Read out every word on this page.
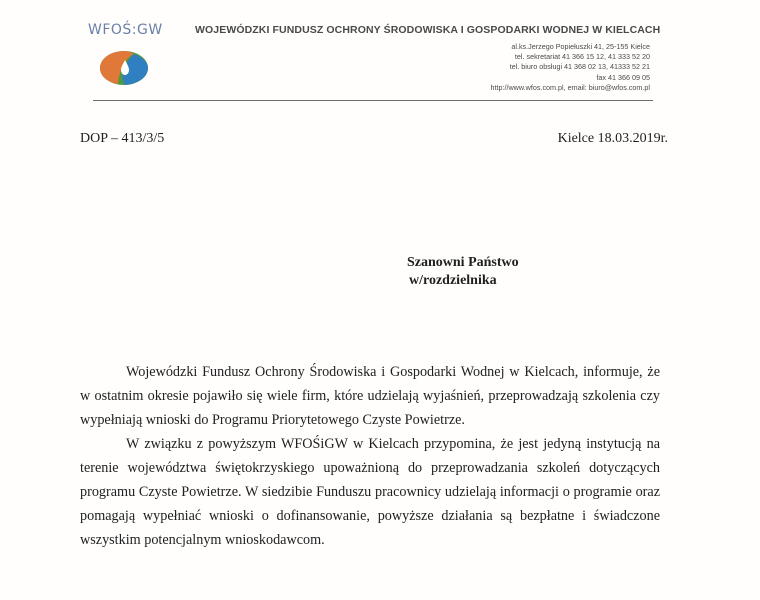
WFOŚ:GW	WOJEWÓDZKI FUNDUSZ OCHRONY ŚRODOWISKA I GOSPODARKI WODNEJ W KIELCACH
al.ks.Jerzego Popiełuszki 41, 25-155 Kielce
tel. sekretariat 41 366 15 12, 41 333 52 20
tel. biuro obsługi 41 368 02 13, 41333 52 21
fax 41 366 09 05
http://www.wfos.com.pl, email: biuro@wfos.com.pl
DOP – 413/3/5	Kielce 18.03.2019r.
Szanowni Państwo
w/rozdzielnika

Wojewódzki Fundusz Ochrony Środowiska i Gospodarki Wodnej w Kielcach, informuje, że w ostatnim okresie pojawiło się wiele firm, które udzielają wyjaśnień, przeprowadzają szkolenia czy wypełniają wnioski do Programu Priorytetowego Czyste Powietrze.

W związku z powyższym WFOŚiGW w Kielcach przypomina, że jest jedyną instytucją na terenie województwa świętokrzyskiego upoważnioną do przeprowadzania szkoleń dotyczących programu Czyste Powietrze. W siedzibie Funduszu pracownicy udzielają informacji o programie oraz pomagają wypełniać wnioski o dofinansowanie, powyższe działania są bezpłatne i świadczone wszystkim potencjalnym wnioskodawcom.
